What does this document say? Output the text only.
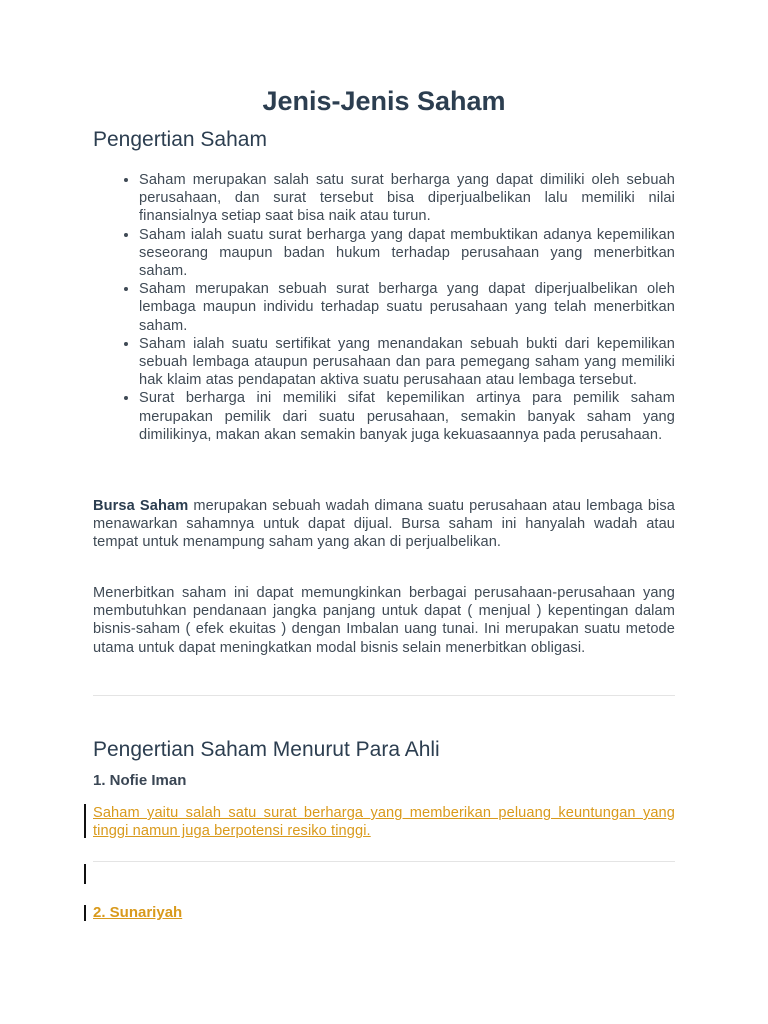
Jenis-Jenis Saham
Pengertian Saham
• Saham merupakan salah satu surat berharga yang dapat dimiliki oleh sebuah perusahaan, dan surat tersebut bisa diperjualbelikan lalu memiliki nilai finansialnya setiap saat bisa naik atau turun.
• Saham ialah suatu surat berharga yang dapat membuktikan adanya kepemilikan seseorang maupun badan hukum terhadap perusahaan yang menerbitkan saham.
• Saham merupakan sebuah surat berharga yang dapat diperjualbelikan oleh lembaga maupun individu terhadap suatu perusahaan yang telah menerbitkan saham.
• Saham ialah suatu sertifikat yang menandakan sebuah bukti dari kepemilikan sebuah lembaga ataupun perusahaan dan para pemegang saham yang memiliki hak klaim atas pendapatan aktiva suatu perusahaan atau lembaga tersebut.
• Surat berharga ini memiliki sifat kepemilikan artinya para pemilik saham merupakan pemilik dari suatu perusahaan, semakin banyak saham yang dimilikinya, makan akan semakin banyak juga kekuasaannya pada perusahaan.

Bursa Saham merupakan sebuah wadah dimana suatu perusahaan atau lembaga bisa menawarkan sahamnya untuk dapat dijual. Bursa saham ini hanyalah wadah atau tempat untuk menampung saham yang akan di perjualbelikan.

Menerbitkan saham ini dapat memungkinkan berbagai perusahaan-perusahaan yang membutuhkan pendanaan jangka panjang untuk dapat ( menjual ) kepentingan dalam bisnis-saham ( efek ekuitas ) dengan Imbalan uang tunai. Ini merupakan suatu metode utama untuk dapat meningkatkan modal bisnis selain menerbitkan obligasi.

Pengertian Saham Menurut Para Ahli

1. Nofie Iman

Saham yaitu salah satu surat berharga yang memberikan peluang keuntungan yang tinggi namun juga berpotensi resiko tinggi.

2. Sunariyah
